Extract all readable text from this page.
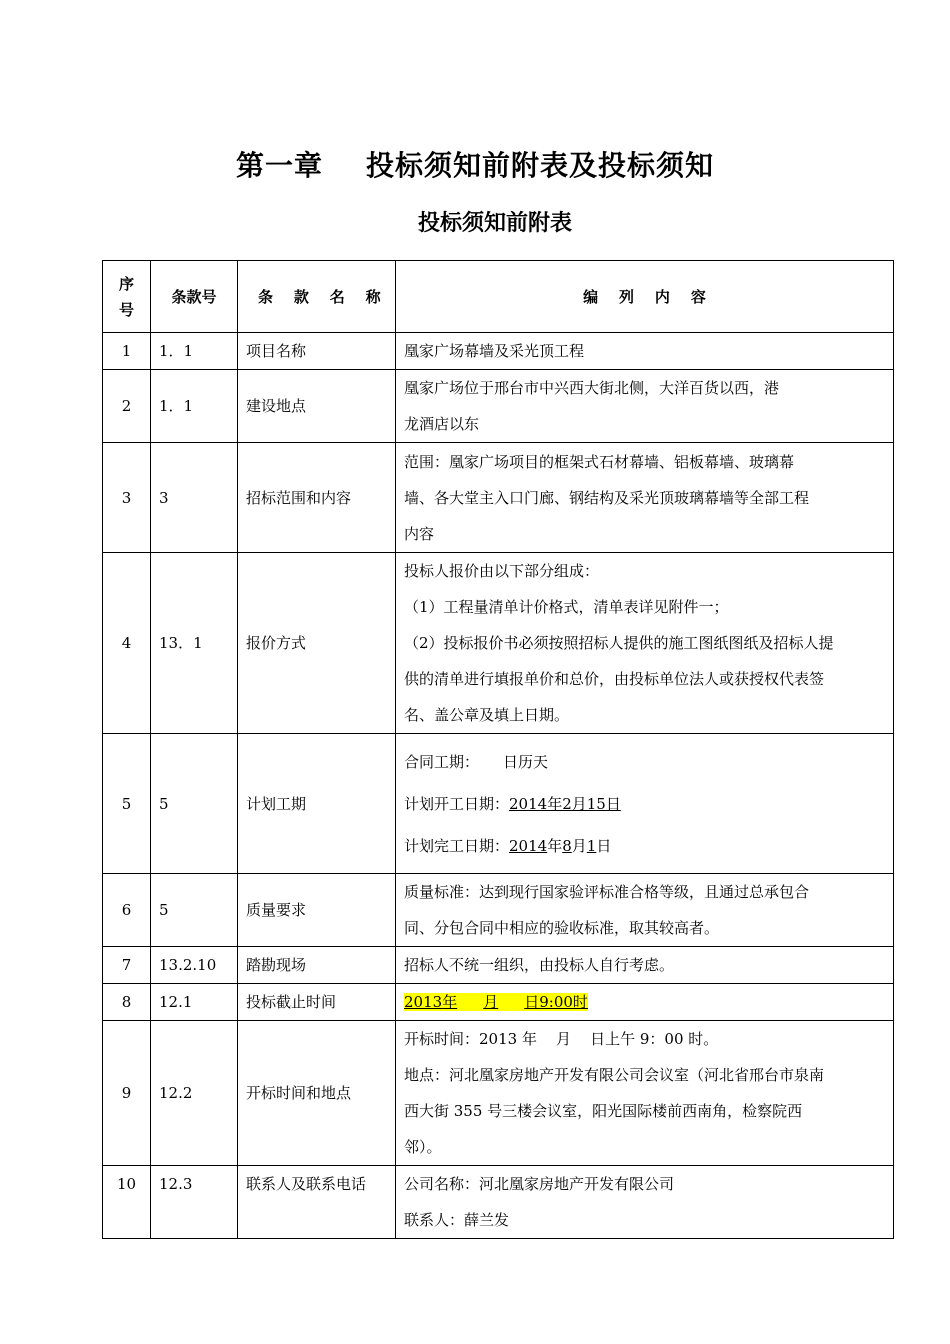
第一章    投标须知前附表及投标须知
投标须知前附表
序
号	条款号	条    款    名    称	编    列    内    容
1	1．1	项目名称	凰家广场幕墙及采光顶工程

2	1．1	建设地点	凰家广场位于邢台市中兴西大街北侧，大洋百货以西，港
龙酒店以东

3	3	招标范围和内容	范围：凰家广场项目的框架式石材幕墙、铝板幕墙、玻璃幕
墙、各大堂主入口门廊、钢结构及采光顶玻璃幕墙等全部工程
内容

4	13．1	报价方式	投标人报价由以下部分组成：
（1）工程量清单计价格式，清单表详见附件一；
（2）投标报价书必须按照招标人提供的施工图纸图纸及招标人提
供的清单进行填报单价和总价，由投标单位法人或获授权代表签
名、盖公章及填上日期。

5	5	计划工期	合同工期： 日历天
计划开工日期：2014年2月15日
计划完工日期：2014年8月1日

6	5	质量要求	质量标准：达到现行国家验评标准合格等级，且通过总承包合
同、分包合同中相应的验收标准，取其较高者。

7	13.2.10	踏勘现场	招标人不统一组织，由投标人自行考虑。

8	12.1	投标截止时间	2013年 月 日9:00时
9	12.2	开标时间和地点	开标时间：2013 年    月    日上午 9：00 时。
地点：河北凰家房地产开发有限公司会议室（河北省邢台市泉南
西大街 355 号三楼会议室，阳光国际楼前西南角，检察院西
邻）。

10	12.3	联系人及联系电话	公司名称：河北凰家房地产开发有限公司
联系人：薛兰发
